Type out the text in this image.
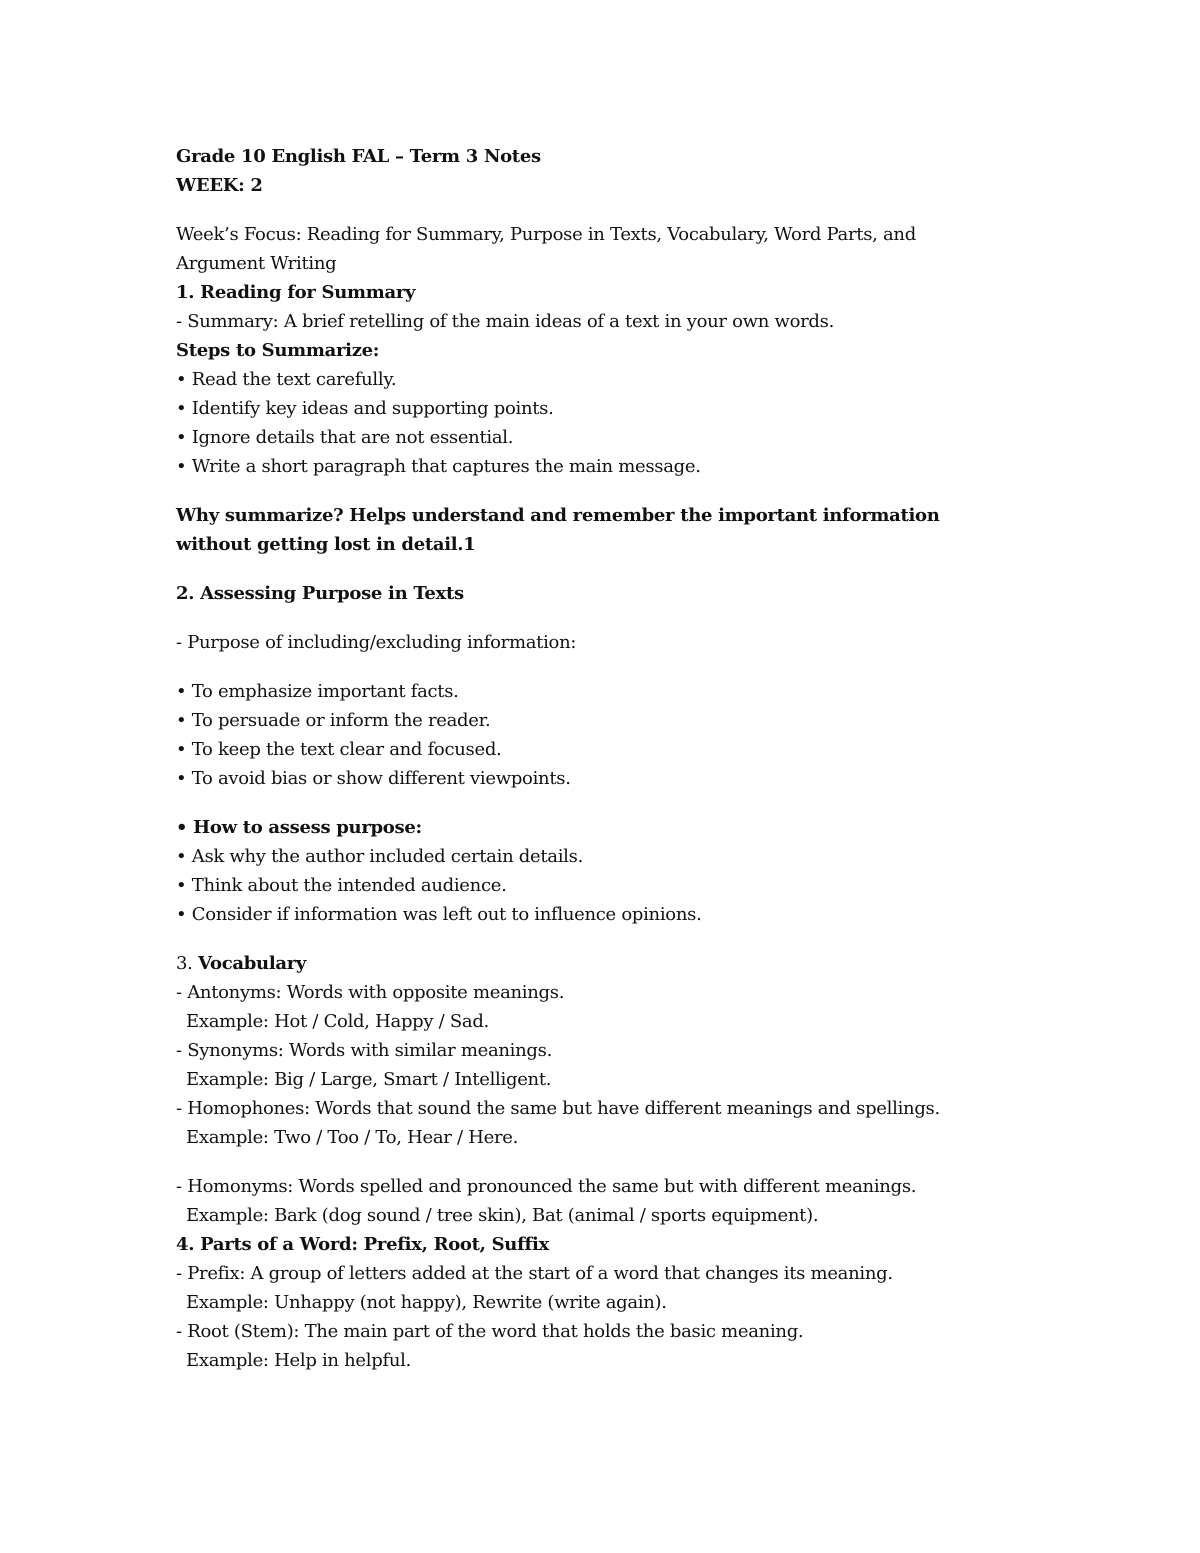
Grade 10 English FAL – Term 3 Notes

WEEK: 2

Week’s Focus: Reading for Summary, Purpose in Texts, Vocabulary, Word Parts, and

Argument Writing

1. Reading for Summary

- Summary: A brief retelling of the main ideas of a text in your own words.

Steps to Summarize:

• Read the text carefully.

• Identify key ideas and supporting points.

• Ignore details that are not essential.

• Write a short paragraph that captures the main message.

Why summarize? Helps understand and remember the important information

without getting lost in detail.1

2. Assessing Purpose in Texts

- Purpose of including/excluding information:

• To emphasize important facts.

• To persuade or inform the reader.

• To keep the text clear and focused.

• To avoid bias or show different viewpoints.

• How to assess purpose:

• Ask why the author included certain details.

• Think about the intended audience.

• Consider if information was left out to influence opinions.

3. Vocabulary

- Antonyms: Words with opposite meanings.

Example: Hot / Cold, Happy / Sad.

- Synonyms: Words with similar meanings.

Example: Big / Large, Smart / Intelligent.

- Homophones: Words that sound the same but have different meanings and spellings.

Example: Two / Too / To, Hear / Here.

- Homonyms: Words spelled and pronounced the same but with different meanings.

Example: Bark (dog sound / tree skin), Bat (animal / sports equipment).

4. Parts of a Word: Prefix, Root, Suffix

- Prefix: A group of letters added at the start of a word that changes its meaning.

Example: Unhappy (not happy), Rewrite (write again).

- Root (Stem): The main part of the word that holds the basic meaning.

Example: Help in helpful.
